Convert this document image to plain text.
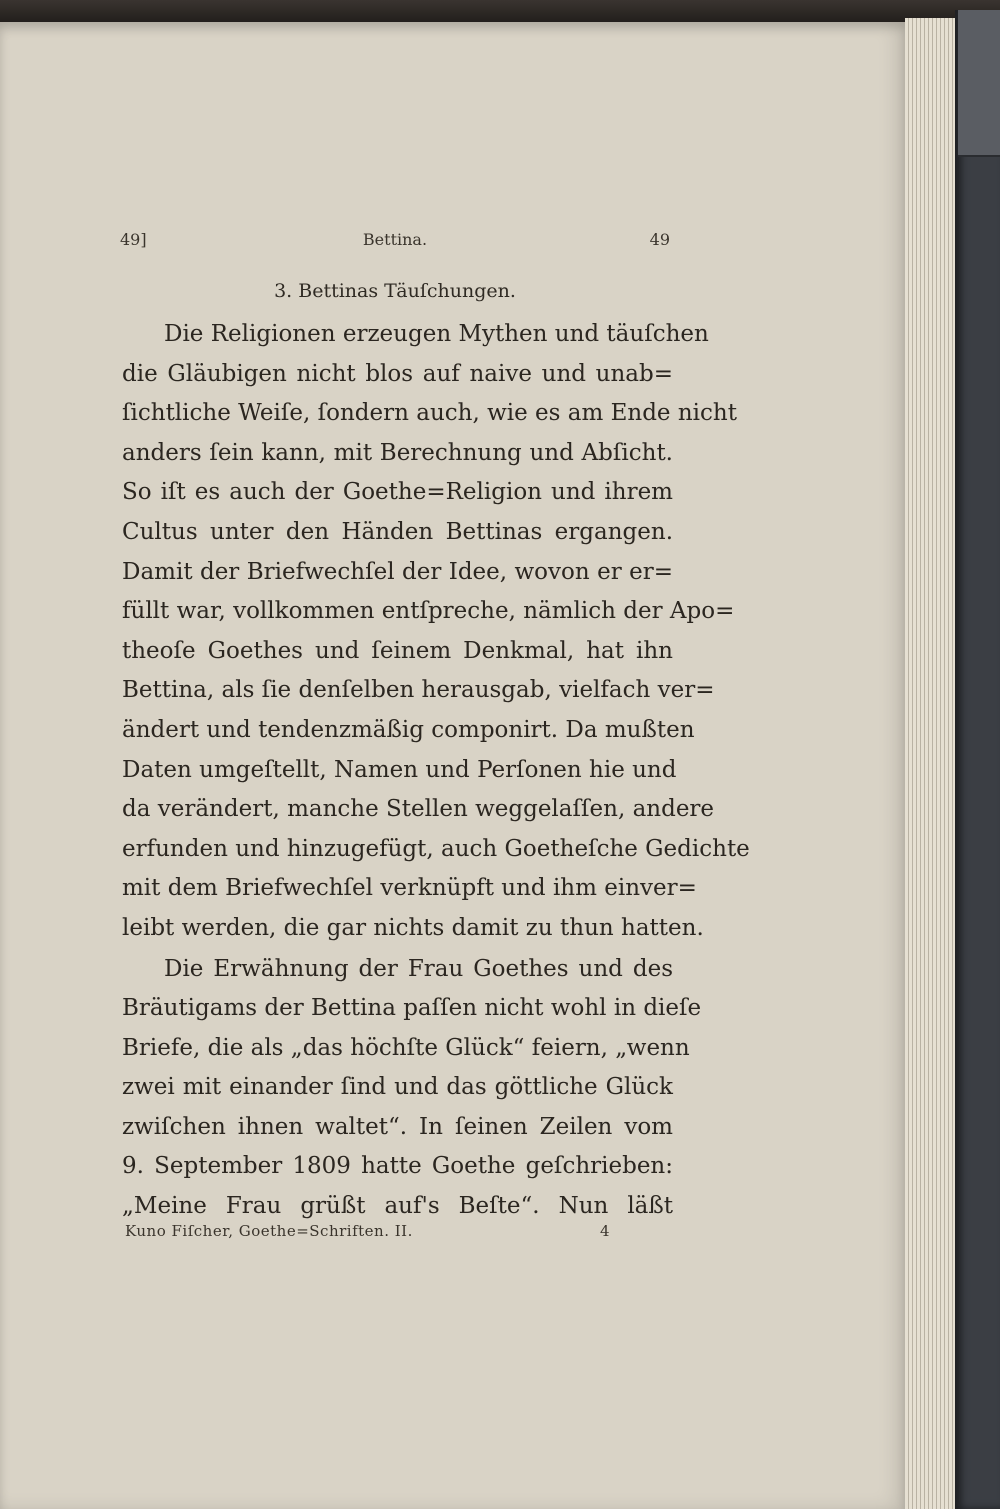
49]	Bettina.	49
3. Bettinas Täuſchungen.
Die Religionen erzeugen Mythen und täuſchen
die Gläubigen nicht blos auf naive und unab=
ſichtliche Weiſe, ſondern auch, wie es am Ende nicht
anders ſein kann, mit Berechnung und Abſicht.
So iſt es auch der Goethe=Religion und ihrem
Cultus unter den Händen Bettinas ergangen.
Damit der Briefwechſel der Idee, wovon er er=
füllt war, vollkommen entſpreche, nämlich der Apo=
theoſe Goethes und ſeinem Denkmal, hat ihn
Bettina, als ſie denſelben herausgab, vielfach ver=
ändert und tendenzmäßig componirt. Da mußten
Daten umgeſtellt, Namen und Perſonen hie und
da verändert, manche Stellen weggelaſſen, andere
erfunden und hinzugefügt, auch Goetheſche Gedichte
mit dem Briefwechſel verknüpft und ihm einver=
leibt werden, die gar nichts damit zu thun hatten.
Die Erwähnung der Frau Goethes und des
Bräutigams der Bettina paſſen nicht wohl in dieſe
Briefe, die als „das höchſte Glück“ feiern, „wenn
zwei mit einander ſind und das göttliche Glück
zwiſchen ihnen waltet“. In ſeinen Zeilen vom
9. September 1809 hatte Goethe geſchrieben:
„Meine Frau grüßt auf's Beſte“. Nun läßt
Kuno Fiſcher, Goethe=Schriften. II.	4
